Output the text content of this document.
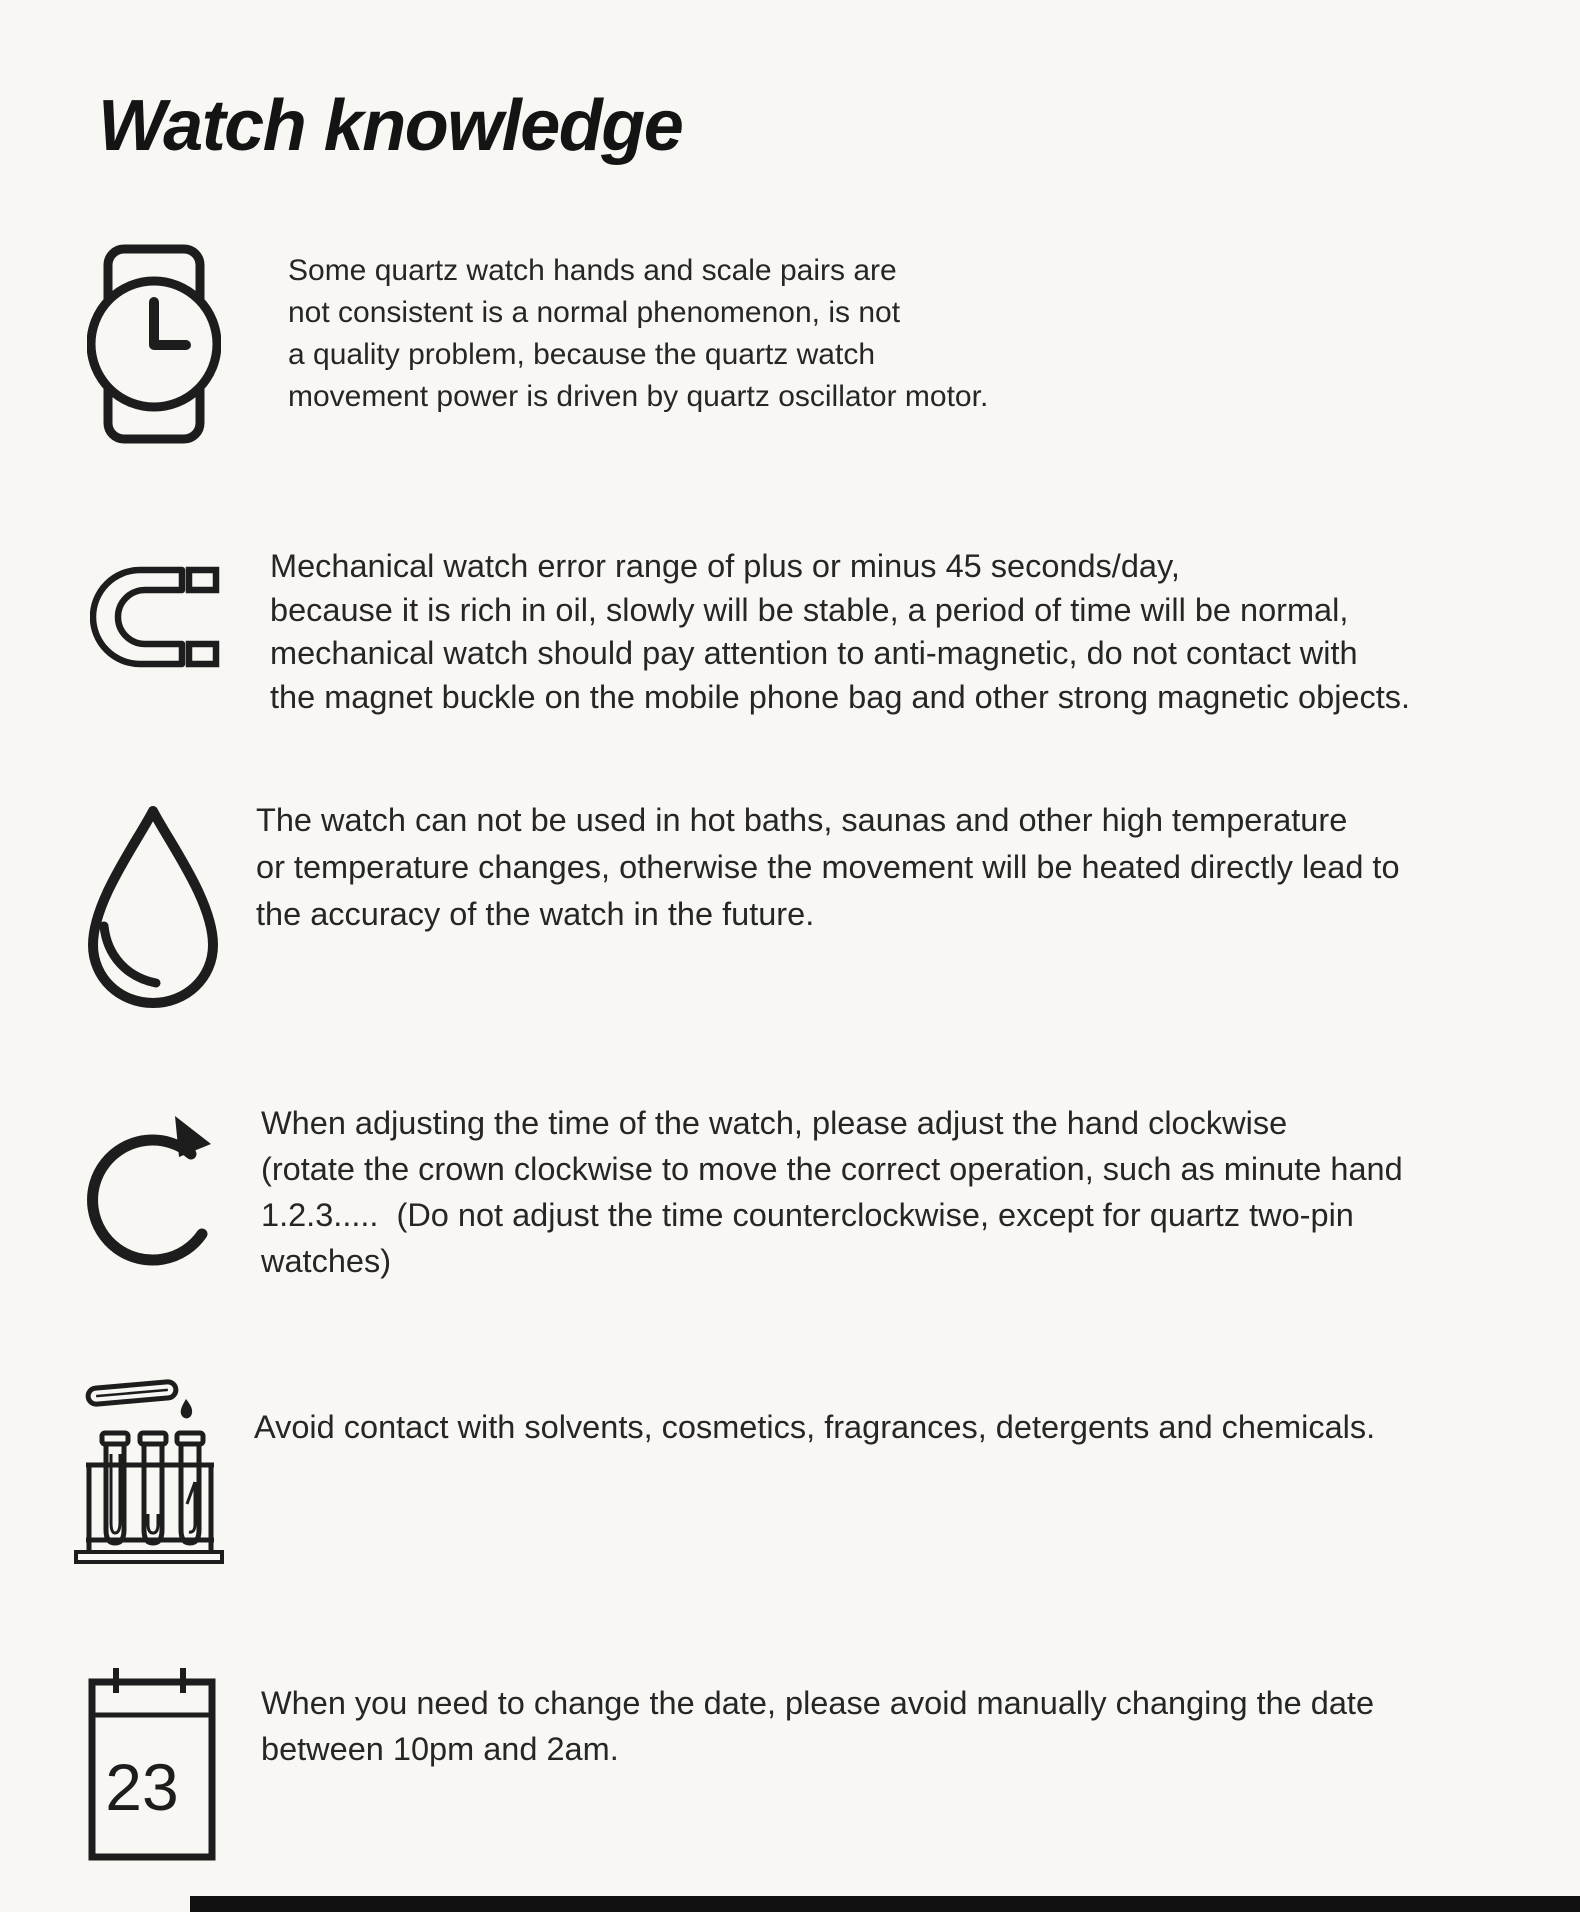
Watch knowledge
Some quartz watch hands and scale pairs are
not consistent is a normal phenomenon, is not
a quality problem, because the quartz watch
movement power is driven by quartz oscillator motor.
Mechanical watch error range of plus or minus 45 seconds/day,
because it is rich in oil, slowly will be stable, a period of time will be normal,
mechanical watch should pay attention to anti-magnetic, do not contact with
the magnet buckle on the mobile phone bag and other strong magnetic objects.
The watch can not be used in hot baths, saunas and other high temperature
or temperature changes, otherwise the movement will be heated directly lead to
the accuracy of the watch in the future.
When adjusting the time of the watch, please adjust the hand clockwise
(rotate the crown clockwise to move the correct operation, such as minute hand
1.2.3.....  (Do not adjust the time counterclockwise, except for quartz two-pin
watches)
Avoid contact with solvents, cosmetics, fragrances, detergents and chemicals.
23
When you need to change the date, please avoid manually changing the date
between 10pm and 2am.
